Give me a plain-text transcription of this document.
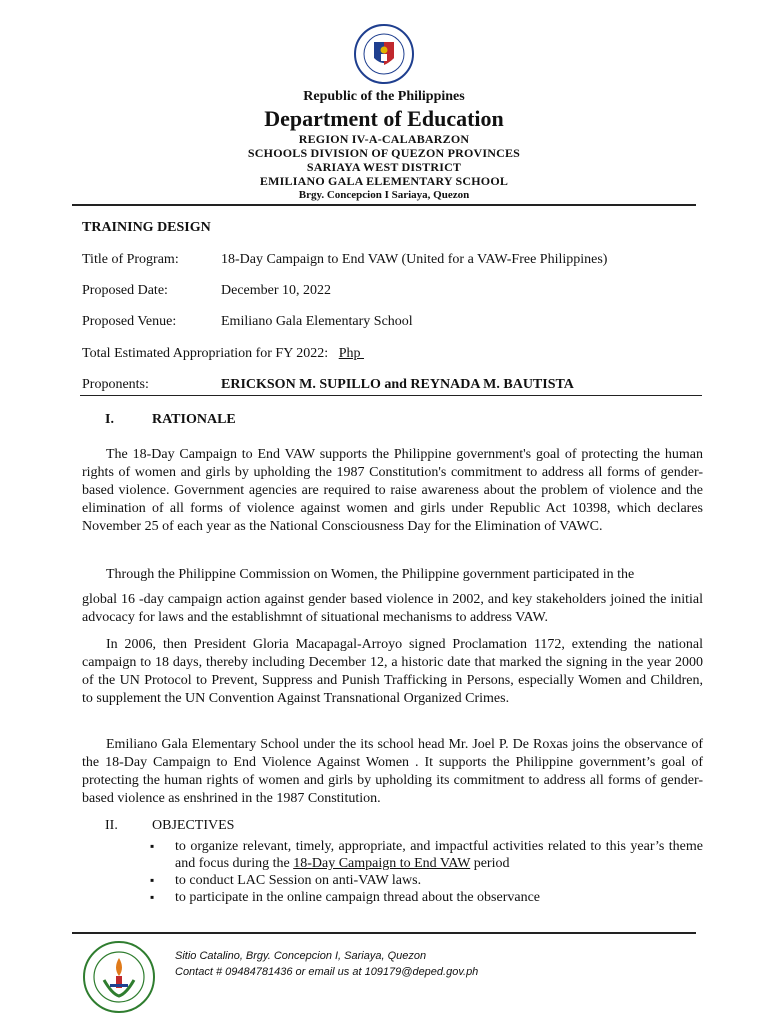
Republic of the Philippines
Department of Education
REGION IV-A-CALABARZON
SCHOOLS DIVISION OF QUEZON PROVINCES
SARIAYA WEST DISTRICT
EMILIANO GALA ELEMENTARY SCHOOL
Brgy. Concepcion I Sariaya, Quezon
TRAINING DESIGN
Title of Program:	18-Day Campaign to End VAW (United for a VAW-Free Philippines)
Proposed Date:	December 10, 2022
Proposed Venue:	Emiliano Gala Elementary School
Total Estimated Appropriation for FY 2022: Php
Proponents:	ERICKSON M. SUPILLO and REYNADA M. BAUTISTA
I.	RATIONALE

The 18-Day Campaign to End VAW supports the Philippine government's goal of protecting the human rights of women and girls by upholding the 1987 Constitution's commitment to address all forms of gender-based violence. Government agencies are required to raise awareness about the problem of violence and the elimination of all forms of violence against women and girls under Republic Act 10398, which declares November 25 of each year as the National Consciousness Day for the Elimination of VAWC.

Through the Philippine Commission on Women, the Philippine government participated in the

global 16 -day campaign action against gender based violence in 2002, and key stakeholders joined the initial advocacy for laws and the establishmnt of situational mechanisms to address VAW.

In 2006, then President Gloria Macapagal-Arroyo signed Proclamation 1172, extending the national campaign to 18 days, thereby including December 12, a historic date that marked the signing in the year 2000 of the UN Protocol to Prevent, Suppress and Punish Trafficking in Persons, especially Women and Children, to supplement the UN Convention Against Transnational Organized Crimes.

Emiliano Gala Elementary School under the its school head Mr. Joel P. De Roxas joins the observance of the 18-Day Campaign to End Violence Against Women . It supports the Philippine government’s goal of protecting the human rights of women and girls by upholding its commitment to address all forms of gender-based violence as enshrined in the 1987 Constitution.

II. OBJECTIVES
▪ to organize relevant, timely, appropriate, and impactful activities related to this year’s theme and focus during the 18-Day Campaign to End VAW period

▪ to conduct LAC Session on anti-VAW laws.

▪ to participate in the online campaign thread about the observance

Sitio Catalino, Brgy. Concepcion I, Sariaya, Quezon
Contact # 09484781436 or email us at 109179@deped.gov.ph
